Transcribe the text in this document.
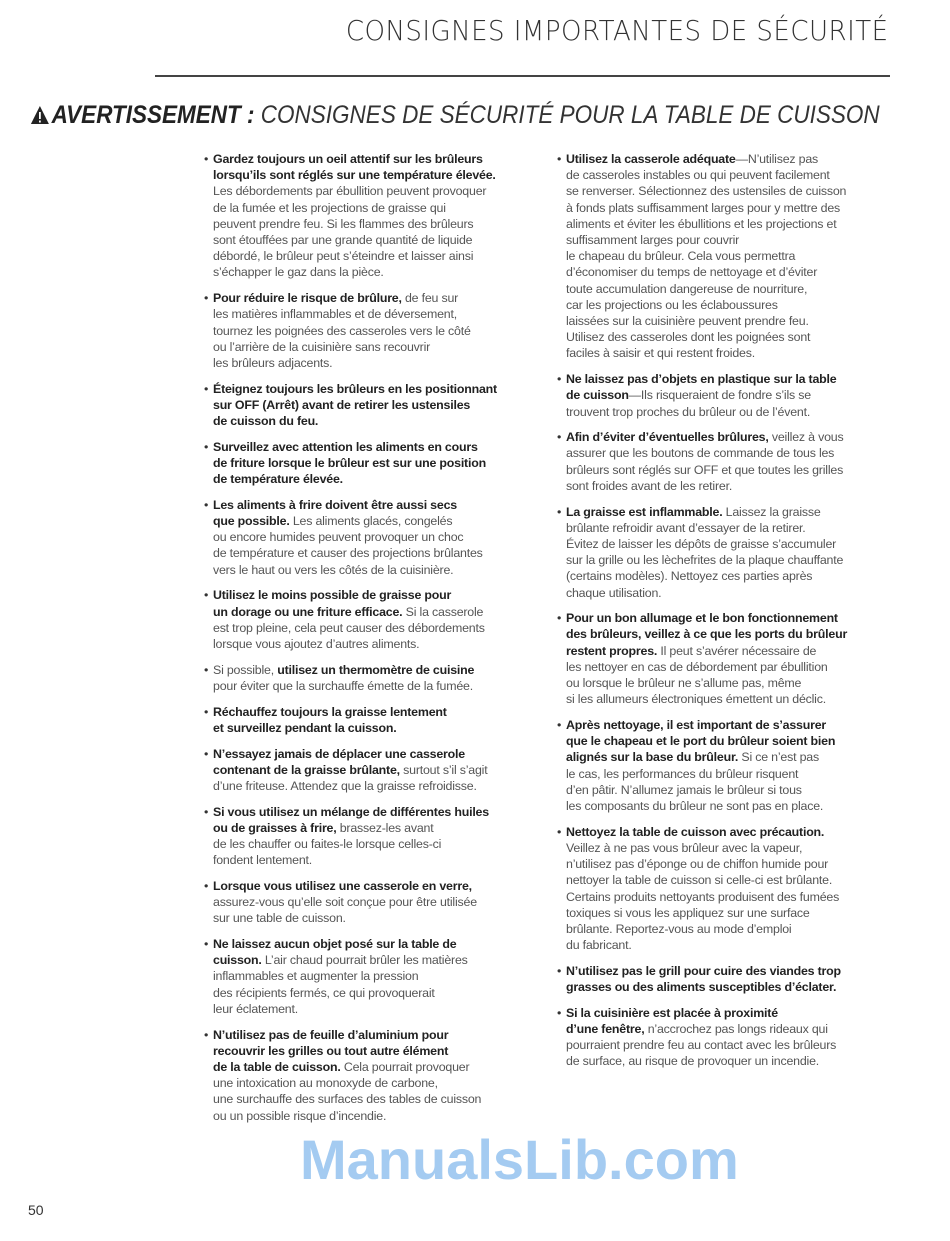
CONSIGNES IMPORTANTES DE SÉCURITÉ
AVERTISSEMENT : CONSIGNES DE SÉCURITÉ POUR LA TABLE DE CUISSON
• Gardez toujours un oeil attentif sur les brûleurs
lorsqu’ils sont réglés sur une température élevée.
Les débordements par ébullition peuvent provoquer
de la fumée et les projections de graisse qui
peuvent prendre feu. Si les flammes des brûleurs
sont étouffées par une grande quantité de liquide
débordé, le brûleur peut s’éteindre et laisser ainsi
s’échapper le gaz dans la pièce.
• Pour réduire le risque de brûlure, de feu sur
les matières inflammables et de déversement,
tournez les poignées des casseroles vers le côté
ou l’arrière de la cuisinière sans recouvrir
les brûleurs adjacents.
• Éteignez toujours les brûleurs en les positionnant
sur OFF (Arrêt) avant de retirer les ustensiles
de cuisson du feu.
• Surveillez avec attention les aliments en cours
de friture lorsque le brûleur est sur une position
de température élevée.
• Les aliments à frire doivent être aussi secs
que possible. Les aliments glacés, congelés
ou encore humides peuvent provoquer un choc
de température et causer des projections brûlantes
vers le haut ou vers les côtés de la cuisinière.
• Utilisez le moins possible de graisse pour
un dorage ou une friture efficace. Si la casserole
est trop pleine, cela peut causer des débordements
lorsque vous ajoutez d’autres aliments.
• Si possible, utilisez un thermomètre de cuisine
pour éviter que la surchauffe émette de la fumée.
• Réchauffez toujours la graisse lentement
et surveillez pendant la cuisson.
• N’essayez jamais de déplacer une casserole
contenant de la graisse brûlante, surtout s’il s’agit
d’une friteuse. Attendez que la graisse refroidisse.
• Si vous utilisez un mélange de différentes huiles
ou de graisses à frire, brassez-les avant
de les chauffer ou faites-le lorsque celles-ci
fondent lentement.
• Lorsque vous utilisez une casserole en verre,
assurez-vous qu’elle soit conçue pour être utilisée
sur une table de cuisson.
• Ne laissez aucun objet posé sur la table de
cuisson. L’air chaud pourrait brûler les matières
inflammables et augmenter la pression
des récipients fermés, ce qui provoquerait
leur éclatement.
• N’utilisez pas de feuille d’aluminium pour
recouvrir les grilles ou tout autre élément
de la table de cuisson. Cela pourrait provoquer
une intoxication au monoxyde de carbone,
une surchauffe des surfaces des tables de cuisson
ou un possible risque d’incendie.
• Utilisez la casserole adéquate—N’utilisez pas
de casseroles instables ou qui peuvent facilement
se renverser. Sélectionnez des ustensiles de cuisson
à fonds plats suffisamment larges pour y mettre des
aliments et éviter les ébullitions et les projections et
suffisamment larges pour couvrir
le chapeau du brûleur. Cela vous permettra
d’économiser du temps de nettoyage et d’éviter
toute accumulation dangereuse de nourriture,
car les projections ou les éclaboussures
laissées sur la cuisinière peuvent prendre feu.
Utilisez des casseroles dont les poignées sont
faciles à saisir et qui restent froides.
• Ne laissez pas d’objets en plastique sur la table
de cuisson—Ils risqueraient de fondre s’ils se
trouvent trop proches du brûleur ou de l’évent.
• Afin d’éviter d’éventuelles brûlures, veillez à vous
assurer que les boutons de commande de tous les
brûleurs sont réglés sur OFF et que toutes les grilles
sont froides avant de les retirer.
• La graisse est inflammable. Laissez la graisse
brûlante refroidir avant d’essayer de la retirer.
Évitez de laisser les dépôts de graisse s’accumuler
sur la grille ou les lèchefrites de la plaque chauffante
(certains modèles). Nettoyez ces parties après
chaque utilisation.
• Pour un bon allumage et le bon fonctionnement
des brûleurs, veillez à ce que les ports du brûleur
restent propres. Il peut s’avérer nécessaire de
les nettoyer en cas de débordement par ébullition
ou lorsque le brûleur ne s’allume pas, même
si les allumeurs électroniques émettent un déclic.
• Après nettoyage, il est important de s’assurer
que le chapeau et le port du brûleur soient bien
alignés sur la base du brûleur. Si ce n’est pas
le cas, les performances du brûleur risquent
d’en pâtir. N’allumez jamais le brûleur si tous
les composants du brûleur ne sont pas en place.
• Nettoyez la table de cuisson avec précaution.
Veillez à ne pas vous brûleur avec la vapeur,
n’utilisez pas d’éponge ou de chiffon humide pour
nettoyer la table de cuisson si celle-ci est brûlante.
Certains produits nettoyants produisent des fumées
toxiques si vous les appliquez sur une surface
brûlante. Reportez-vous au mode d’emploi
du fabricant.
• N’utilisez pas le grill pour cuire des viandes trop
grasses ou des aliments susceptibles d’éclater.
• Si la cuisinière est placée à proximité
d’une fenêtre, n’accrochez pas longs rideaux qui
pourraient prendre feu au contact avec les brûleurs
de surface, au risque de provoquer un incendie.
ManualsLib.com
50
